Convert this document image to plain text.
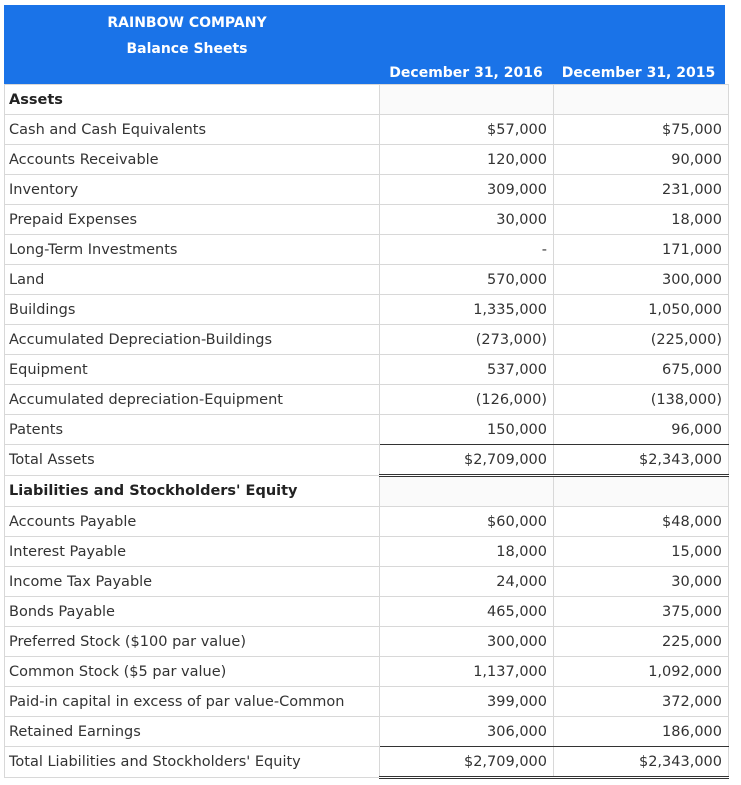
RAINBOW COMPANY
Balance Sheets
December 31, 2016	December 31, 2015
Assets		
Cash and Cash Equivalents	$57,000	$75,000
Accounts Receivable	120,000	90,000
Inventory	309,000	231,000
Prepaid Expenses	30,000	18,000
Long-Term Investments	-	171,000
Land	570,000	300,000
Buildings	1,335,000	1,050,000
Accumulated Depreciation-Buildings	(273,000)	(225,000)
Equipment	537,000	675,000
Accumulated depreciation-Equipment	(126,000)	(138,000)
Patents	150,000	96,000
Total Assets	$2,709,000	$2,343,000
Liabilities and Stockholders' Equity		
Accounts Payable	$60,000	$48,000
Interest Payable	18,000	15,000
Income Tax Payable	24,000	30,000
Bonds Payable	465,000	375,000
Preferred Stock ($100 par value)	300,000	225,000
Common Stock ($5 par value)	1,137,000	1,092,000
Paid-in capital in excess of par value-Common	399,000	372,000
Retained Earnings	306,000	186,000
Total Liabilities and Stockholders' Equity	$2,709,000	$2,343,000
